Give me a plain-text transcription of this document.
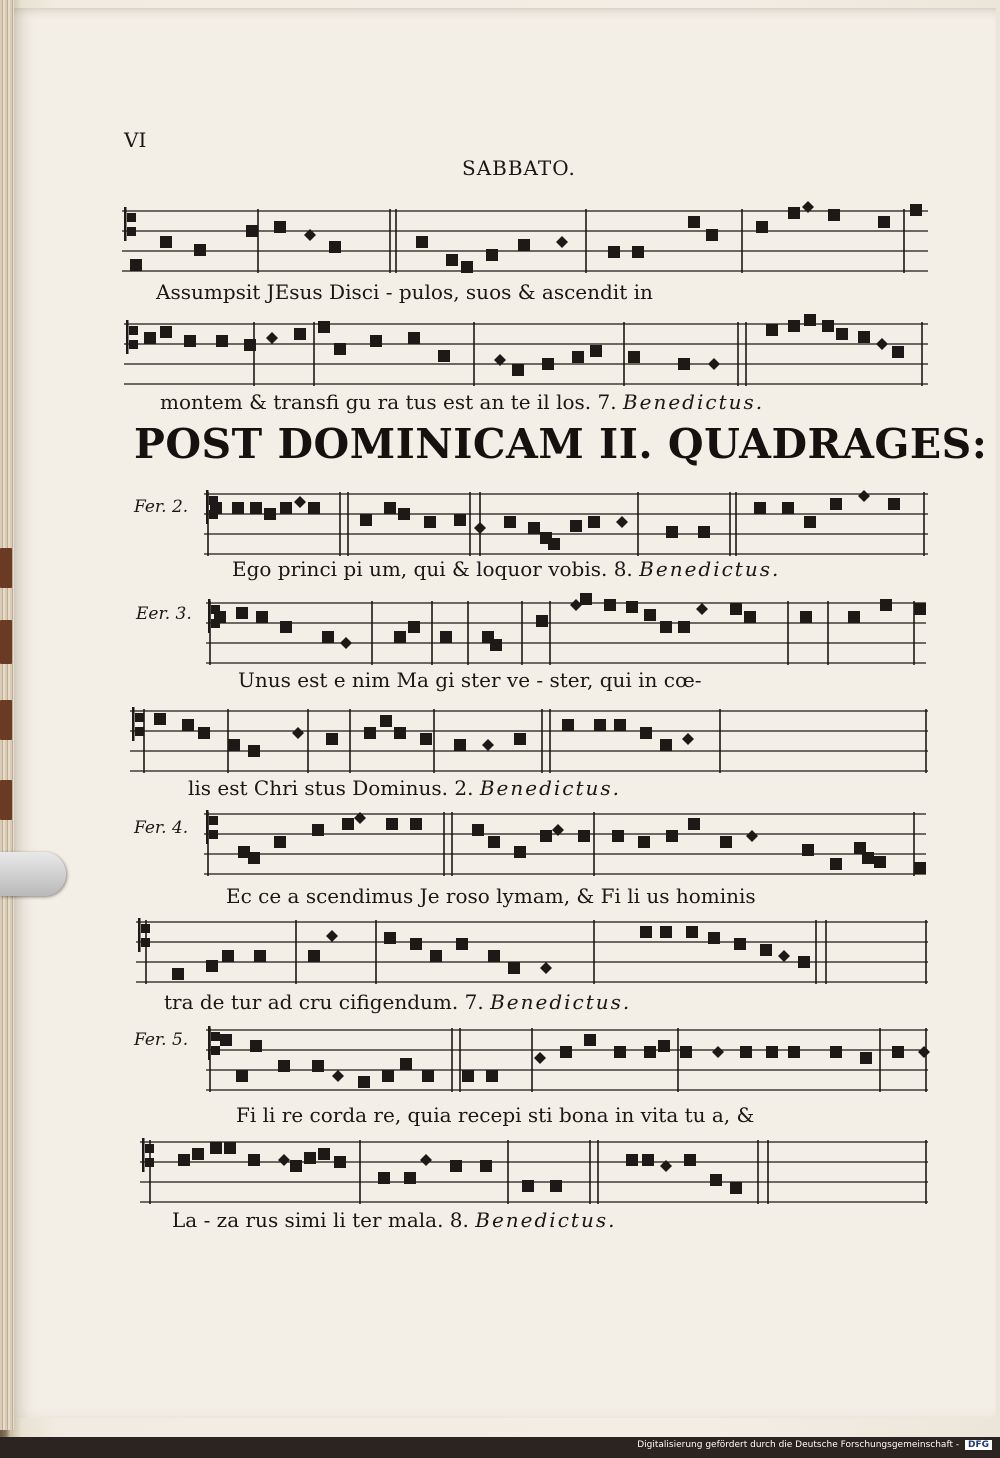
VI
SABBATO.
POST DOMINICAM II. QUADRAGES:
Assumpsit JEsus Disci - pulos, suos & ascendit in
montem & transfi gu ra tus est an te il los. 7. Benedictus.
Fer. 2.
Ego princi pi um, qui & loquor vobis. 8. Benedictus.
Eer. 3.
Unus est e nim Ma gi ster ve - ster, qui in cœ-
lis est Chri stus Dominus. 2. Benedictus.
Fer. 4.
Ec ce a scendimus Je roso lymam, & Fi li us hominis
tra de tur ad cru cifigendum. 7. Benedictus.
Fer. 5.
Fi li re corda re, quia recepi sti bona in vita tu a, &
La - za rus simi li ter mala. 8. Benedictus.
Digitalisierung gefördert durch die Deutsche Forschungsgemeinschaft - DFG
